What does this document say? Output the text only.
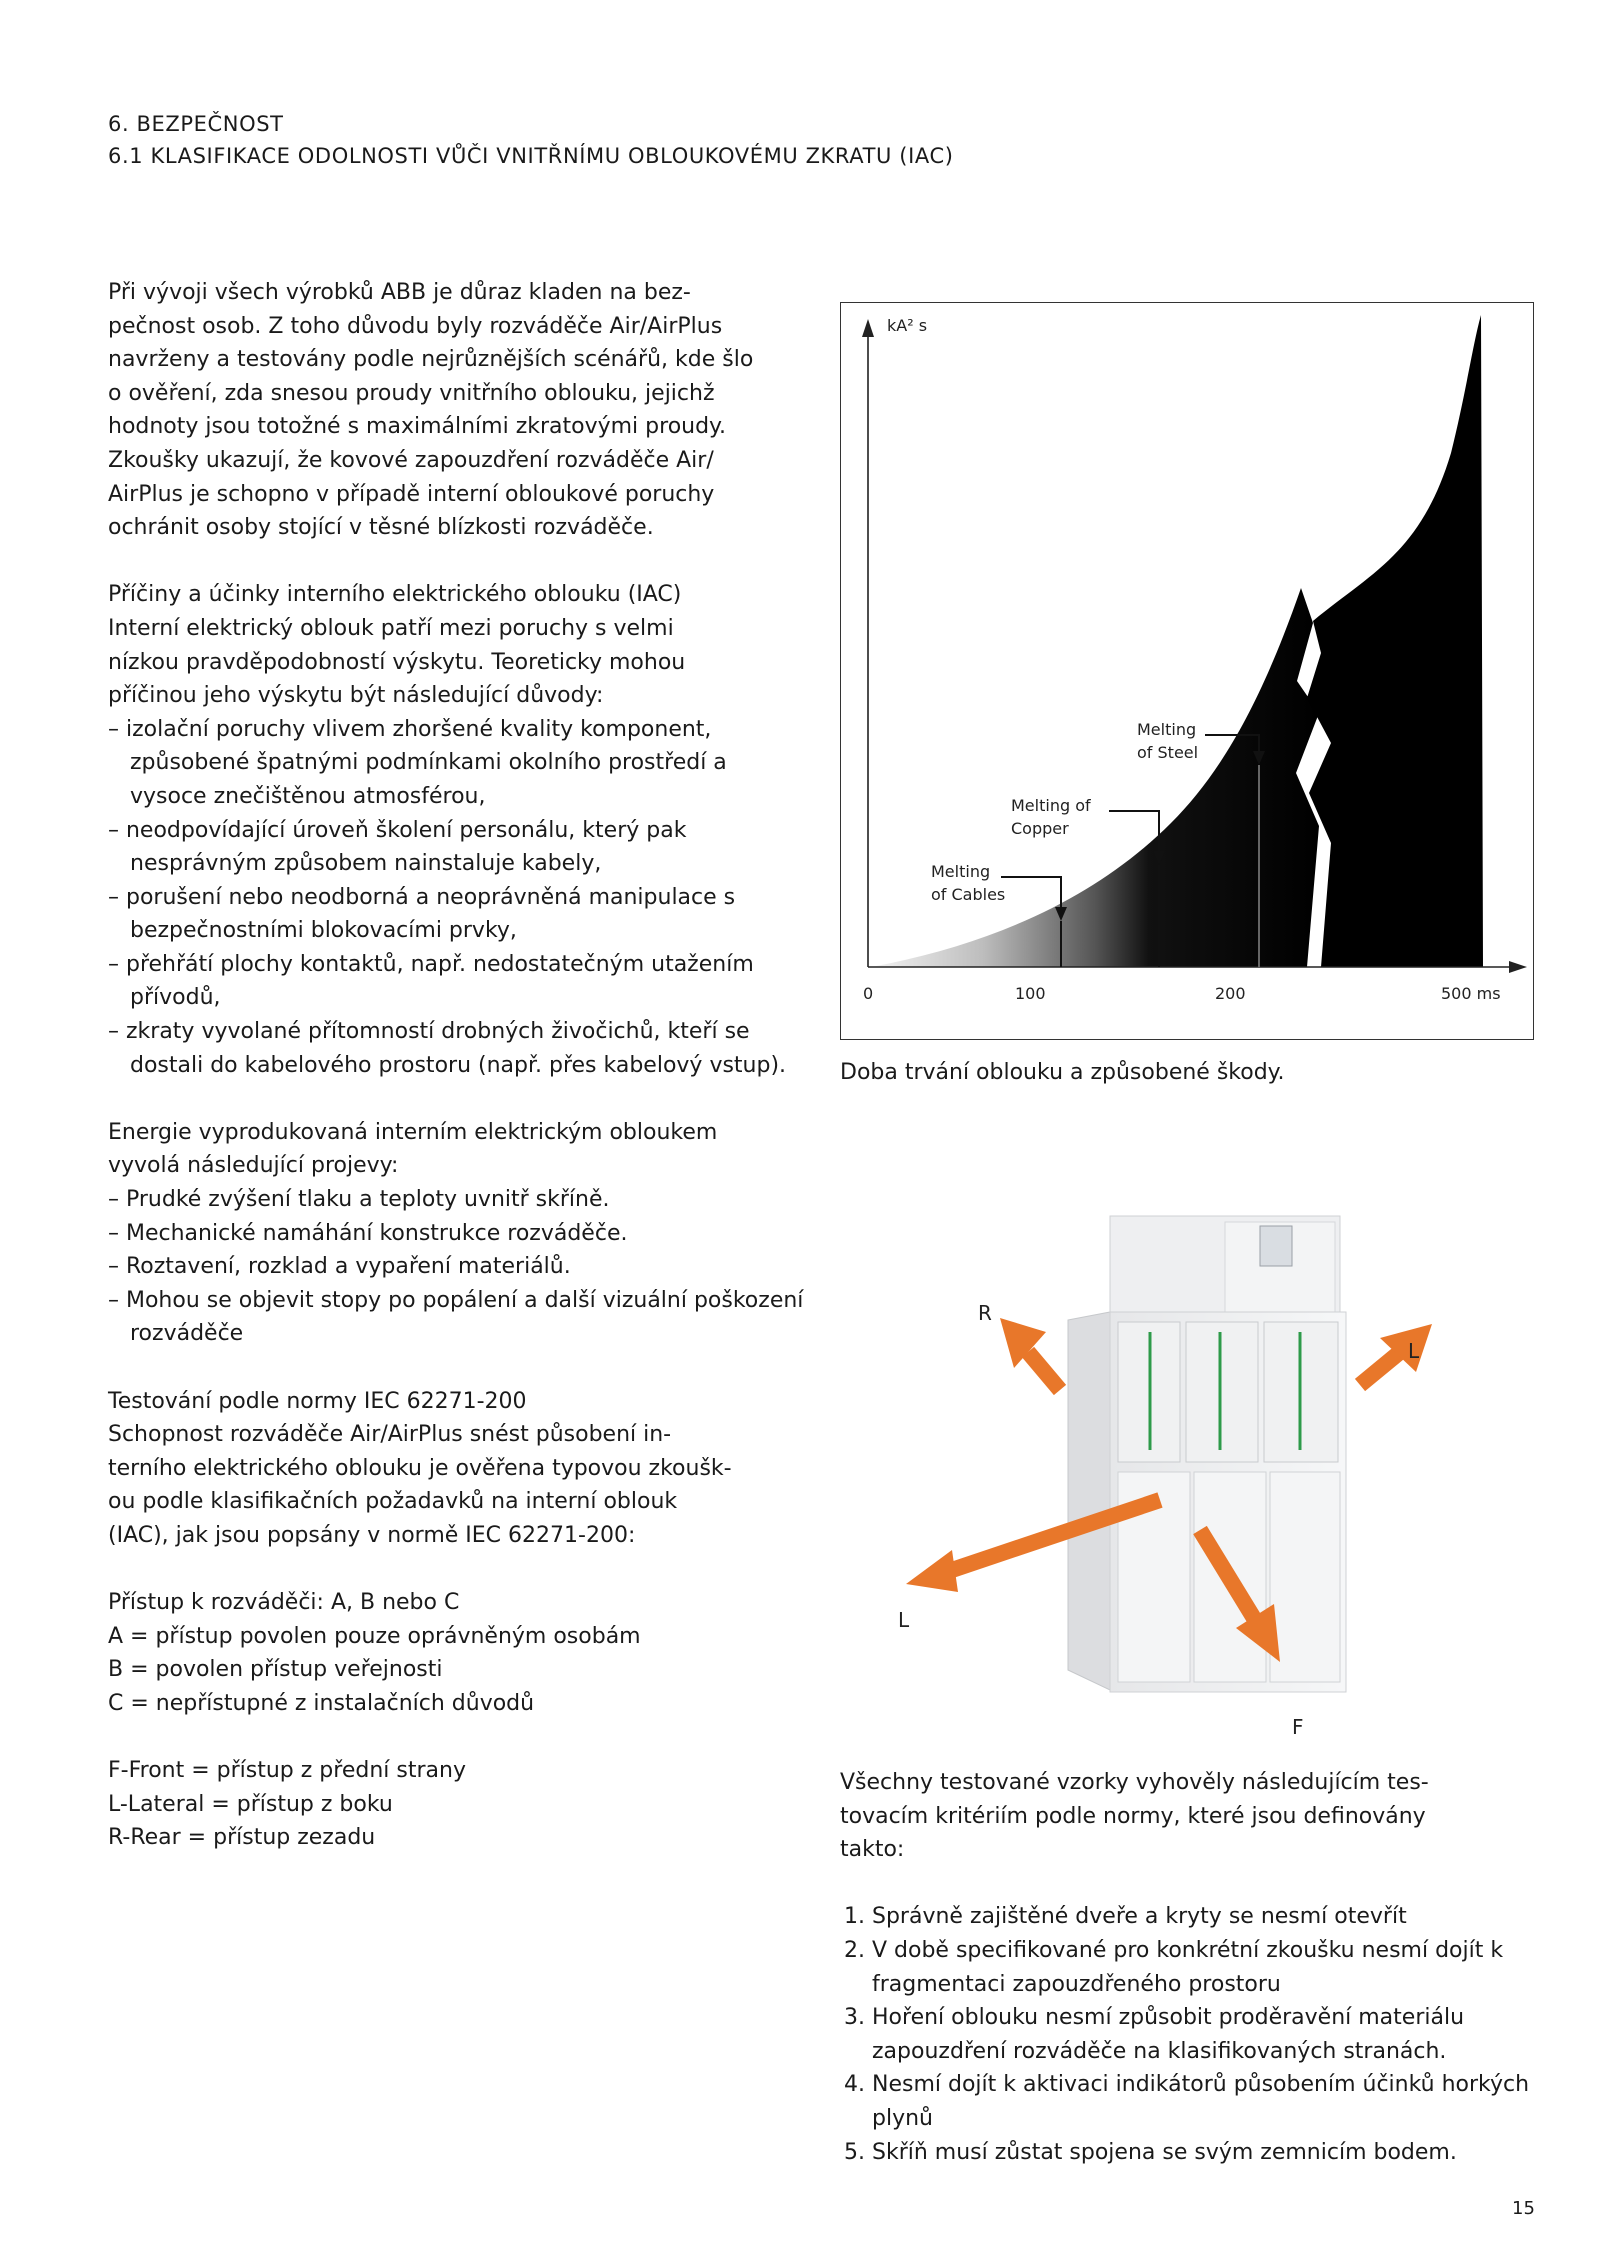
6. BEZPEČNOST
6.1 KLASIFIKACE ODOLNOSTI VŮČI VNITŘNÍMU OBLOUKOVÉMU ZKRATU (IAC)

Při vývoji všech výrobků ABB je důraz kladen na bez-

pečnost osob. Z toho důvodu byly rozváděče Air/AirPlus

navrženy a testovány podle nejrůznějších scénářů, kde šlo

o ověření, zda snesou proudy vnitřního oblouku, jejichž

hodnoty jsou totožné s maximálními zkratovými proudy.

Zkoušky ukazují, že kovové zapouzdření rozváděče Air/

AirPlus je schopno v případě interní obloukové poruchy

ochránit osoby stojící v těsné blízkosti rozváděče.

Příčiny a účinky interního elektrického oblouku (IAC)

Interní elektrický oblouk patří mezi poruchy s velmi

nízkou pravděpodobností výskytu. Teoreticky mohou

příčinou jeho výskytu být následující důvody:

– izolační poruchy vlivem zhoršené kvality komponent, způsobené špatnými podmínkami okolního prostředí a vysoce znečištěnou atmosférou,

– neodpovídající úroveň školení personálu, který pak nesprávným způsobem nainstaluje kabely,

– porušení nebo neodborná a neoprávněná manipulace s bezpečnostními blokovacími prvky,

– přehřátí plochy kontaktů, např. nedostatečným utažením přívodů,

– zkraty vyvolané přítomností drobných živočichů, kteří se dostali do kabelového prostoru (např. přes kabelový vstup).

Energie vyprodukovaná interním elektrickým obloukem

vyvolá následující projevy:

– Prudké zvýšení tlaku a teploty uvnitř skříně.

– Mechanické namáhání konstrukce rozváděče.

– Roztavení, rozklad a vypaření materiálů.

– Mohou se objevit stopy po popálení a další vizuální poškození rozváděče

Testování podle normy IEC 62271-200

Schopnost rozváděče Air/AirPlus snést působení in-

terního elektrického oblouku je ověřena typovou zkoušk-

ou podle klasifikačních požadavků na interní oblouk

(IAC), jak jsou popsány v normě IEC 62271-200:

Přístup k rozváděči: A, B nebo C

A = přístup povolen pouze oprávněným osobám

B = povolen přístup veřejnosti

C = nepřístupné z instalačních důvodů

F-Front = přístup z přední strany

L-Lateral = přístup z boku

R-Rear = přístup zezadu

kA² s
0	100	200	500 ms
Melting
of Cables
Melting of
Copper
Melting
of Steel
Doba trvání oblouku a způsobené škody.
R
L
L
F

Všechny testované vzorky vyhověly následujícím tes-

tovacím kritériím podle normy, které jsou definovány

takto:

1. Správně zajištěné dveře a kryty se nesmí otevřít
2. V době specifikované pro konkrétní zkoušku nesmí dojít k fragmentaci zapouzdřeného prostoru
3. Hoření oblouku nesmí způsobit proděravění materiálu zapouzdření rozváděče na klasifikovaných stranách.
4. Nesmí dojít k aktivaci indikátorů působením účinků horkých plynů
5. Skříň musí zůstat spojena se svým zemnicím bodem.
15
